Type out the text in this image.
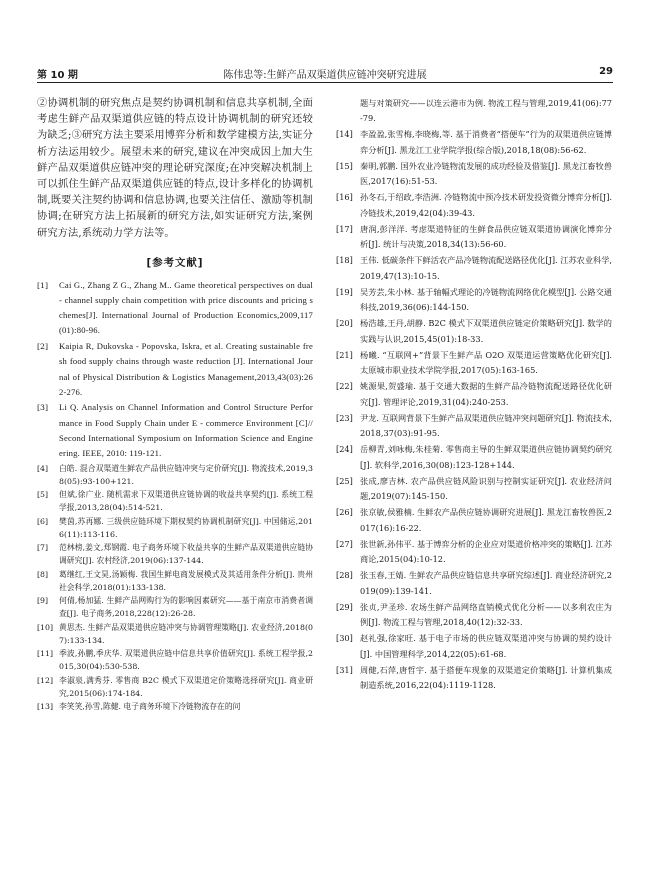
第 10 期	陈伟忠等:生鲜产品双渠道供应链冲突研究进展	29

②协调机制的研究焦点是契约协调机制和信息共享机制,全面考虑生鲜产品双渠道供应链的特点设计协调机制的研究还较为缺乏;③研究方法主要采用博弈分析和数学建模方法,实证分析方法运用较少。展望未来的研究,建议在冲突成因上加大生鲜产品双渠道供应链冲突的理论研究深度;在冲突解决机制上可以抓住生鲜产品双渠道供应链的特点,设计多样化的协调机制,既要关注契约协调和信息协调,也要关注信任、激励等机制协调;在研究方法上拓展新的研究方法,如实证研究方法,案例研究方法,系统动力学方法等。

[参考文献]
[1]	Cai G., Zhang Z G., Zhang M.. Game theoretical perspectives on dual - channel supply chain competition with price discounts and pricing schemes[J]. International Journal of Production Economics,2009,117(01):80-96.
[2]	Kaipia R, Dukovska - Popovska, Iskra, et al. Creating sustainable fresh food supply chains through waste reduction [J]. International Journal of Physical Distribution & Logistics Management,2013,43(03):262-276.
[3]	Li Q. Analysis on Channel Information and Control Structure Performance in Food Supply Chain under E - commerce Environment [C]//Second International Symposium on Information Science and Engineering. IEEE, 2010: 119-121.
[4]	白皓. 混合双渠道生鲜农产品供应链冲突与定价研究[J]. 物流技术,2019,38(05):93-100+121.
[5]	但斌,徐广业. 随机需求下双渠道供应链协调的收益共享契约[J]. 系统工程学报,2013,28(04):514-521.
[6]	樊茵,苏再娜. 三级供应链环境下期权契约协调机制研究[J]. 中国储运,2016(11):113-116.
[7]	范林榜,姜文,郑钢霞. 电子商务环境下收益共享的生鲜产品双渠道供应链协调研究[J]. 农村经济,2019(06):137-144.
[8]	葛继红,王文昊,汤颖梅. 我国生鲜电商发展模式及其适用条件分析[J]. 贵州社会科学,2018(01):133-138.
[9]	何倩,杨加猛. 生鲜产品网购行为的影响因素研究——基于南京市消费者调查[J]. 电子商务,2018,228(12):26-28.
[10] 黄思杰. 生鲜产品双渠道供应链冲突与协调管理策略[J]. 农业经济,2018(07):133-134.
[11] 季波,孙鹏,季庆华. 双渠道供应链中信息共享价值研究[J]. 系统工程学报,2015,30(04):530-538.
[12] 李淑泉,满秀芬. 零售商 B2C 模式下双渠道定价策略选择研究[J]. 商业研究,2015(06):174-184.
[13] 李笑笑,孙雪,陈健. 电子商务环境下冷链物流存在的问
题与对策研究——以连云港市为例. 物流工程与管理,2019,41(06):77-79.
[14] 李盈盈,张雪梅,李晓梅,等. 基于消费者“搭便车”行为的双渠道供应链博弈分析[J]. 黑龙江工业学院学报(综合版),2018,18(08):56-62.
[15] 秦明,郭鹏. 国外农业冷链物流发展的成功经验及借鉴[J]. 黑龙江畜牧兽医,2017(16):51-53.
[16] 孙冬石,于绍政,李浩洲. 冷链物流中预冷技术研发投资微分博弈分析[J]. 冷链技术,2019,42(04):39-43.
[17] 唐润,彭洋洋. 考虑渠道特征的生鲜食品供应链双渠道协调演化博弈分析[J]. 统计与决策,2018,34(13):56-60.
[18] 王伟. 低碳条件下鲜活农产品冷链物流配送路径优化[J]. 江苏农业科学,2019,47(13):10-15.
[19] 吴芳芸,朱小林. 基于轴幅式理论的冷链物流网络优化模型[J]. 公路交通科技,2019,36(06):144-150.
[20] 杨浩雄,王丹,胡静. B2C 模式下双渠道供应链定价策略研究[J]. 数学的实践与认识,2015,45(01):18-33.
[21] 杨曦. “互联网+”背景下生鲜产品 O2O 双渠道运营策略优化研究[J]. 太原城市职业技术学院学报,2017(05):163-165.
[22] 姚源果,贺盛瑜. 基于交通大数据的生鲜产品冷链物流配送路径优化研究[J]. 管理评论,2019,31(04):240-253.
[23] 尹龙. 互联网背景下生鲜产品双渠道供应链冲突问题研究[J]. 物流技术,2018,37(03):91-95.
[24] 岳柳青,刘咏梅,朱桂菊. 零售商主导的生鲜双渠道供应链协调契约研究[J]. 软科学,2016,30(08):123-128+144.
[25] 张成,廖吉林. 农产品供应链风险识别与控制实证研究[J]. 农业经济问题,2019(07):145-150.
[26] 张京敏,侯雅楠. 生鲜农产品供应链协调研究进展[J]. 黑龙江畜牧兽医,2017(16):16-22.
[27] 张世新,孙伟平. 基于博弈分析的企业应对渠道价格冲突的策略[J]. 江苏商论,2015(04):10-12.
[28] 张玉春,王婧. 生鲜农产品供应链信息共享研究综述[J]. 商业经济研究,2019(09):139-141.
[29] 张贞,尹圣珍. 农场生鲜产品网络直销模式优化分析——以多利农庄为例[J]. 物流工程与管理,2018,40(12):32-33.
[30] 赵礼强,徐家旺. 基于电子市场的供应链双渠道冲突与协调的契约设计[J]. 中国管理科学,2014,22(05):61-68.
[31] 周健,石萍,唐哲宇. 基于搭便车现象的双渠道定价策略[J]. 计算机集成制造系统,2016,22(04):1119-1128.
